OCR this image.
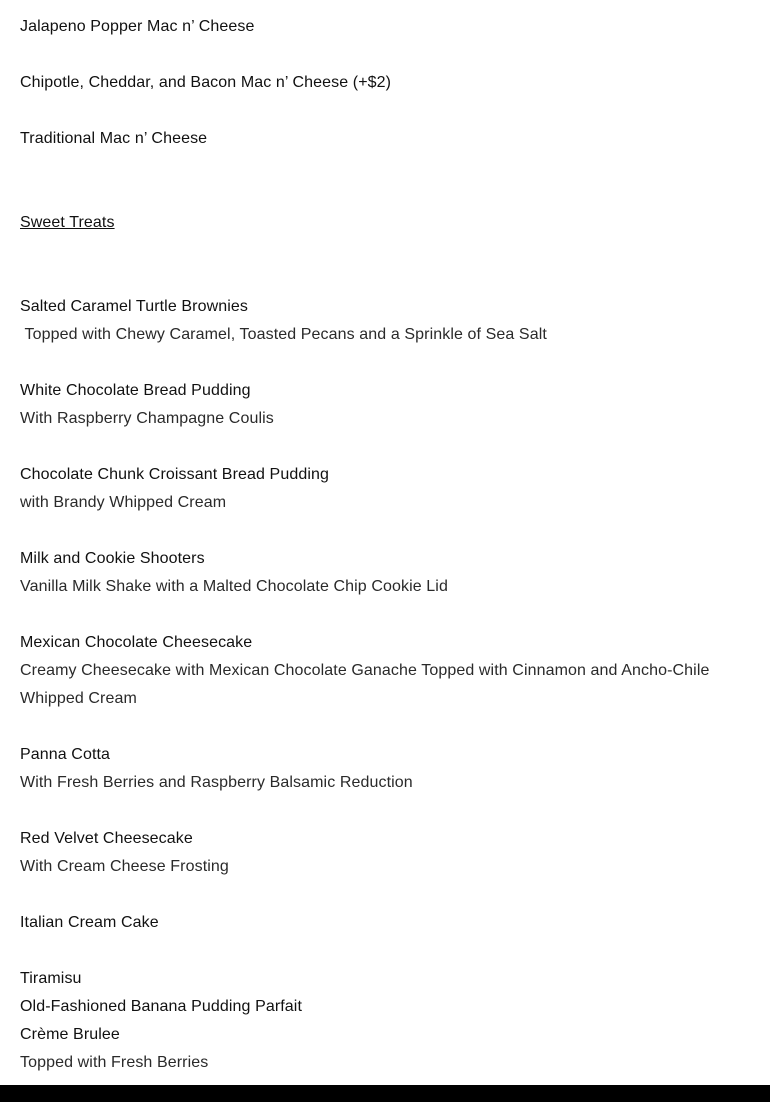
Jalapeno Popper Mac n’ Cheese
Chipotle, Cheddar, and Bacon Mac n’ Cheese (+$2)
Traditional Mac n’ Cheese
Sweet Treats
Salted Caramel Turtle Brownies
Topped with Chewy Caramel, Toasted Pecans and a Sprinkle of Sea Salt
White Chocolate Bread Pudding
With Raspberry Champagne Coulis
Chocolate Chunk Croissant Bread Pudding
with Brandy Whipped Cream
Milk and Cookie Shooters
Vanilla Milk Shake with a Malted Chocolate Chip Cookie Lid
Mexican Chocolate Cheesecake
Creamy Cheesecake with Mexican Chocolate Ganache Topped with Cinnamon and Ancho-Chile Whipped Cream
Panna Cotta
With Fresh Berries and Raspberry Balsamic Reduction
Red Velvet Cheesecake
With Cream Cheese Frosting
Italian Cream Cake
Tiramisu
Old-Fashioned Banana Pudding Parfait
Crème Brulee
Topped with Fresh Berries
